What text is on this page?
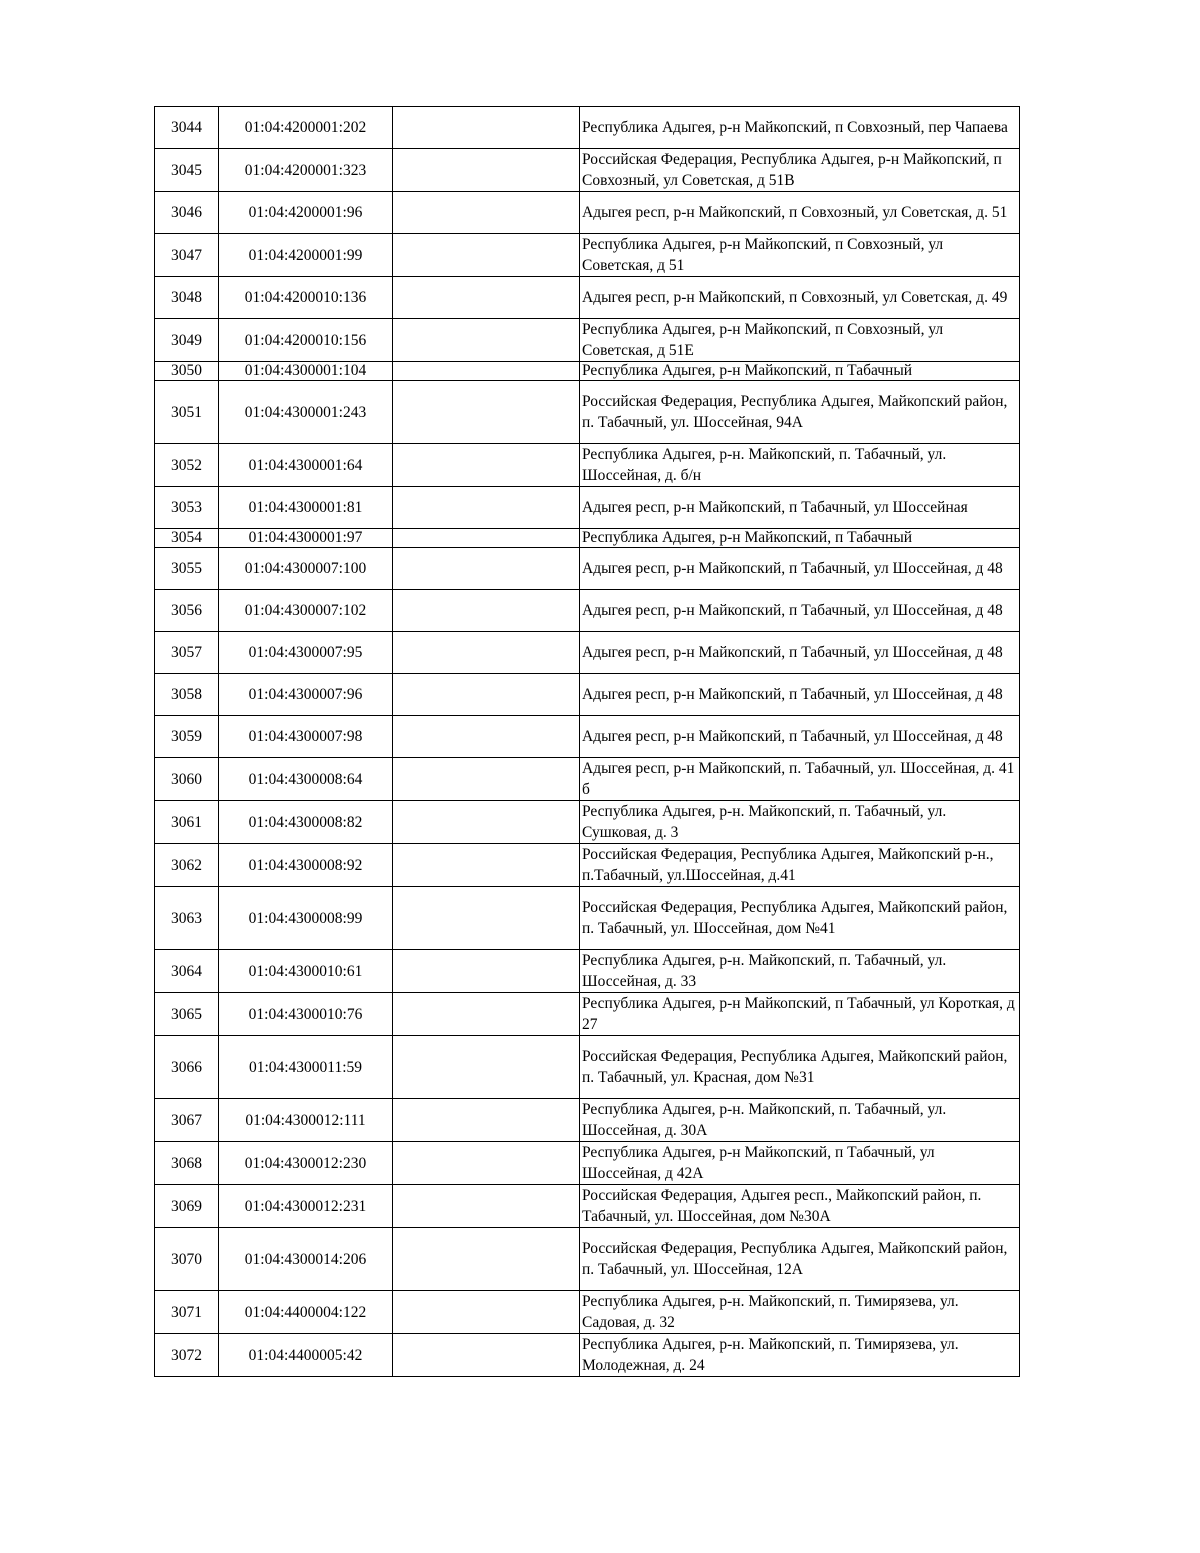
3044	01:04:4200001:202		Республика Адыгея, р-н Майкопский, п Совхозный, пер Чапаева
3045	01:04:4200001:323		Российская Федерация, Республика Адыгея, р-н Майкопский, п Совхозный, ул Советская, д 51В
3046	01:04:4200001:96		Адыгея респ, р-н Майкопский, п Совхозный, ул Советская, д. 51
3047	01:04:4200001:99		Республика Адыгея, р-н Майкопский, п Совхозный, ул Советская, д 51
3048	01:04:4200010:136		Адыгея респ, р-н Майкопский, п Совхозный, ул Советская, д. 49
3049	01:04:4200010:156		Республика Адыгея, р-н Майкопский, п Совхозный, ул Советская, д 51Е
3050	01:04:4300001:104		Республика Адыгея, р-н Майкопский, п Табачный
3051	01:04:4300001:243		Российская Федерация, Республика Адыгея, Майкопский район, п. Табачный, ул. Шоссейная, 94А
3052	01:04:4300001:64		Республика Адыгея, р-н. Майкопский, п. Табачный, ул. Шоссейная, д. б/н
3053	01:04:4300001:81		Адыгея респ, р-н Майкопский, п Табачный, ул Шоссейная
3054	01:04:4300001:97		Республика Адыгея, р-н Майкопский, п Табачный
3055	01:04:4300007:100		Адыгея респ, р-н Майкопский, п Табачный, ул Шоссейная, д 48
3056	01:04:4300007:102		Адыгея респ, р-н Майкопский, п Табачный, ул Шоссейная, д 48
3057	01:04:4300007:95		Адыгея респ, р-н Майкопский, п Табачный, ул Шоссейная, д 48
3058	01:04:4300007:96		Адыгея респ, р-н Майкопский, п Табачный, ул Шоссейная, д 48
3059	01:04:4300007:98		Адыгея респ, р-н Майкопский, п Табачный, ул Шоссейная, д 48
3060	01:04:4300008:64		Адыгея респ, р-н Майкопский, п. Табачный, ул. Шоссейная, д. 41 б
3061	01:04:4300008:82		Республика Адыгея, р-н. Майкопский, п. Табачный, ул. Сушковая, д. 3
3062	01:04:4300008:92		Российская Федерация, Республика Адыгея, Майкопский р-н., п.Табачный, ул.Шоссейная, д.41
3063	01:04:4300008:99		Российская Федерация, Республика Адыгея, Майкопский район, п. Табачный, ул. Шоссейная, дом №41
3064	01:04:4300010:61		Республика Адыгея, р-н. Майкопский, п. Табачный, ул. Шоссейная, д. 33
3065	01:04:4300010:76		Республика Адыгея, р-н Майкопский, п Табачный, ул Короткая, д 27
3066	01:04:4300011:59		Российская Федерация, Республика Адыгея, Майкопский район, п. Табачный, ул. Красная, дом №31
3067	01:04:4300012:111		Республика Адыгея, р-н. Майкопский, п. Табачный, ул. Шоссейная, д. 30А
3068	01:04:4300012:230		Республика Адыгея, р-н Майкопский, п Табачный, ул Шоссейная, д 42А
3069	01:04:4300012:231		Российская Федерация, Адыгея респ., Майкопский район, п. Табачный, ул. Шоссейная, дом №30А
3070	01:04:4300014:206		Российская Федерация, Республика Адыгея, Майкопский район, п. Табачный, ул. Шоссейная, 12А
3071	01:04:4400004:122		Республика Адыгея, р-н. Майкопский, п. Тимирязева, ул. Садовая, д. 32
3072	01:04:4400005:42		Республика Адыгея, р-н. Майкопский, п. Тимирязева, ул. Молодежная, д. 24
